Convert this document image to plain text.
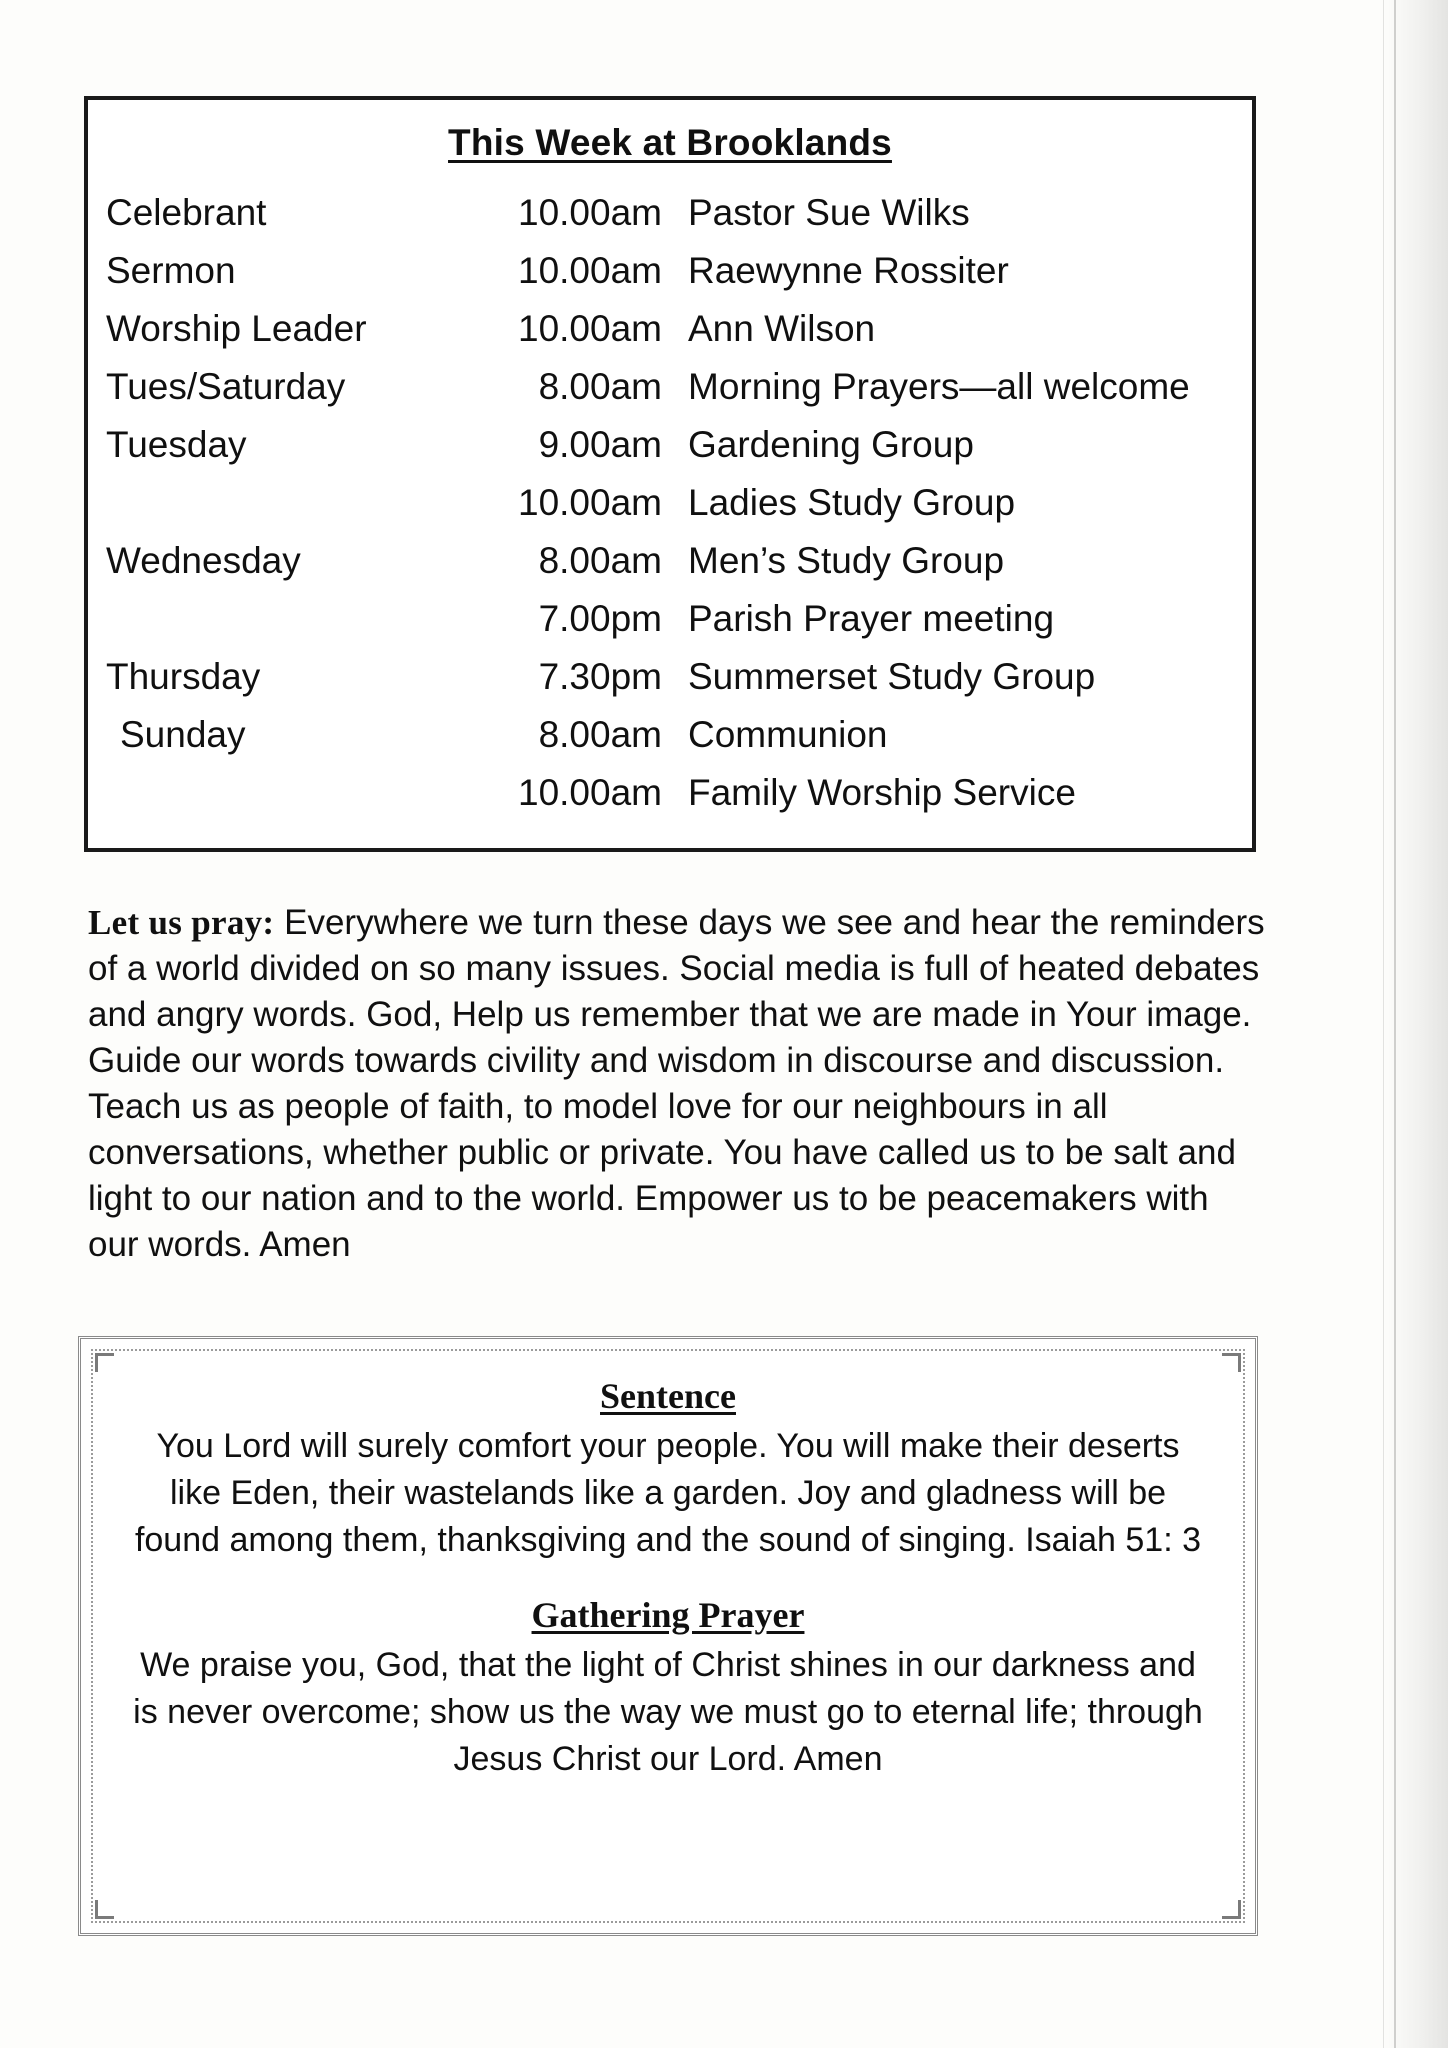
This Week at Brooklands
Celebrant	10.00am Pastor Sue Wilks
Sermon	10.00am Raewynne Rossiter
Worship Leader	10.00am Ann Wilson
Tues/Saturday	8.00am Morning Prayers—all welcome
Tuesday	9.00am Gardening Group
10.00am Ladies Study Group
Wednesday	8.00am Men’s Study Group
7.00pm Parish Prayer meeting
Thursday	7.30pm Summerset Study Group
Sunday	8.00am Communion
10.00am Family Worship Service
Let us pray: Everywhere we turn these days we see and hear the reminders of a world divided on so many issues. Social media is full of heated debates and angry words. God, Help us remember that we are made in Your image. Guide our words towards civility and wisdom in discourse and discussion. Teach us as people of faith, to model love for our neighbours in all conversations, whether public or private. You have called us to be salt and light to our nation and to the world. Empower us to be peacemakers with our words. Amen
Sentence
You Lord will surely comfort your people. You will make their deserts like Eden, their wastelands like a garden. Joy and gladness will be found among them, thanksgiving and the sound of singing. Isaiah 51: 3
Gathering Prayer
We praise you, God, that the light of Christ shines in our darkness and is never overcome; show us the way we must go to eternal life; through Jesus Christ our Lord. Amen
